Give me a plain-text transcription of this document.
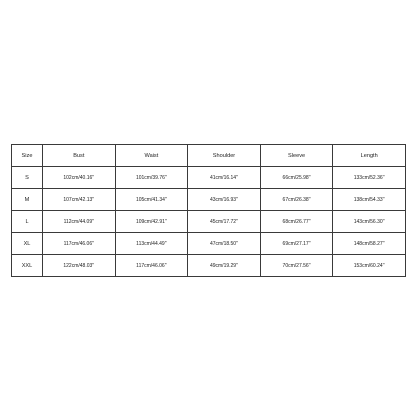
Size	Bust	Waist	Shoulder	Sleeve	Length
S	102cm/40.16''	101cm/39.76''	41cm/16.14''	66cm/25.98''	133cm/52.36''
M	107cm/42.13''	105cm/41.34''	43cm/16.93''	67cm/26.38''	138cm/54.33''
L	112cm/44.09''	109cm/42.91''	45cm/17.72''	68cm/26.77''	143cm/56.30''
XL	117cm/46.06''	113cm/44.49''	47cm/18.50''	69cm/27.17''	148cm/58.27''
XXL	122cm/48.03''	117cm/46.06''	49cm/19.29''	70cm/27.56''	153cm/60.24''
